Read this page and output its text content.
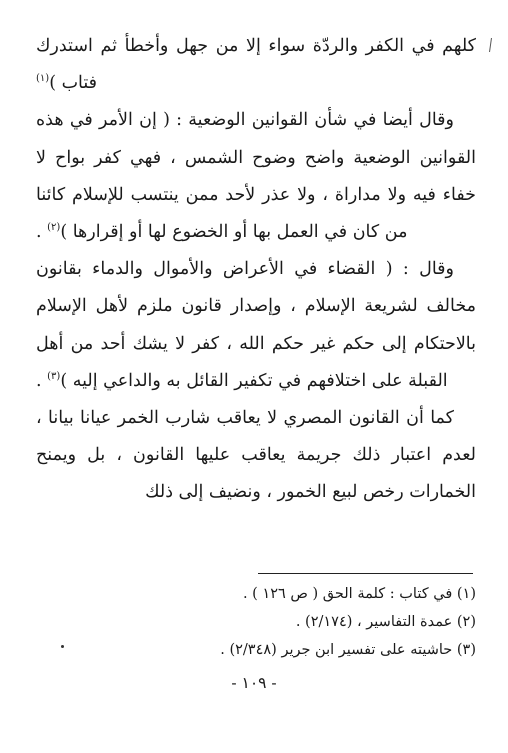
كلهم في الكفر والردّة سواء إلا من جهل وأخطأ ثم استدرك فتاب )$^{(١)}$

وقال أيضا في شأن القوانين الوضعية : ( إن الأمر في هذه القوانين الوضعية واضح وضوح الشمس ، فهي كفر بواح لا خفاء فيه ولا مداراة ، ولا عذر لأحد ممن ينتسب للإسلام كائنا من كان في العمل بها أو الخضوع لها أو إقرارها )$^{(٢)}$ .

وقال : ( القضاء في الأعراض والأموال والدماء بقانون مخالف لشريعة الإسلام ، وإصدار قانون ملزم لأهل الإسلام بالاحتكام إلى حكم غير حكم الله ، كفر لا يشك أحد من أهل القبلة على اختلافهم في تكفير القائل به والداعي إليه )$^{(٣)}$ .

كما أن القانون المصري لا يعاقب شارب الخمر عيانا بيانا ، لعدم اعتبار ذلك جريمة يعاقب عليها القانون ، بل ويمنح الخمارات رخص لبيع الخمور ، ونضيف إلى ذلك

(١) في كتاب : كلمة الحق ( ص ١٢٦ ) .

(٢) عمدة التفاسير ، (٢/١٧٤) .

(٣) حاشيته على تفسير ابن جرير (٢/٣٤٨) .

- ١٠٩ -
